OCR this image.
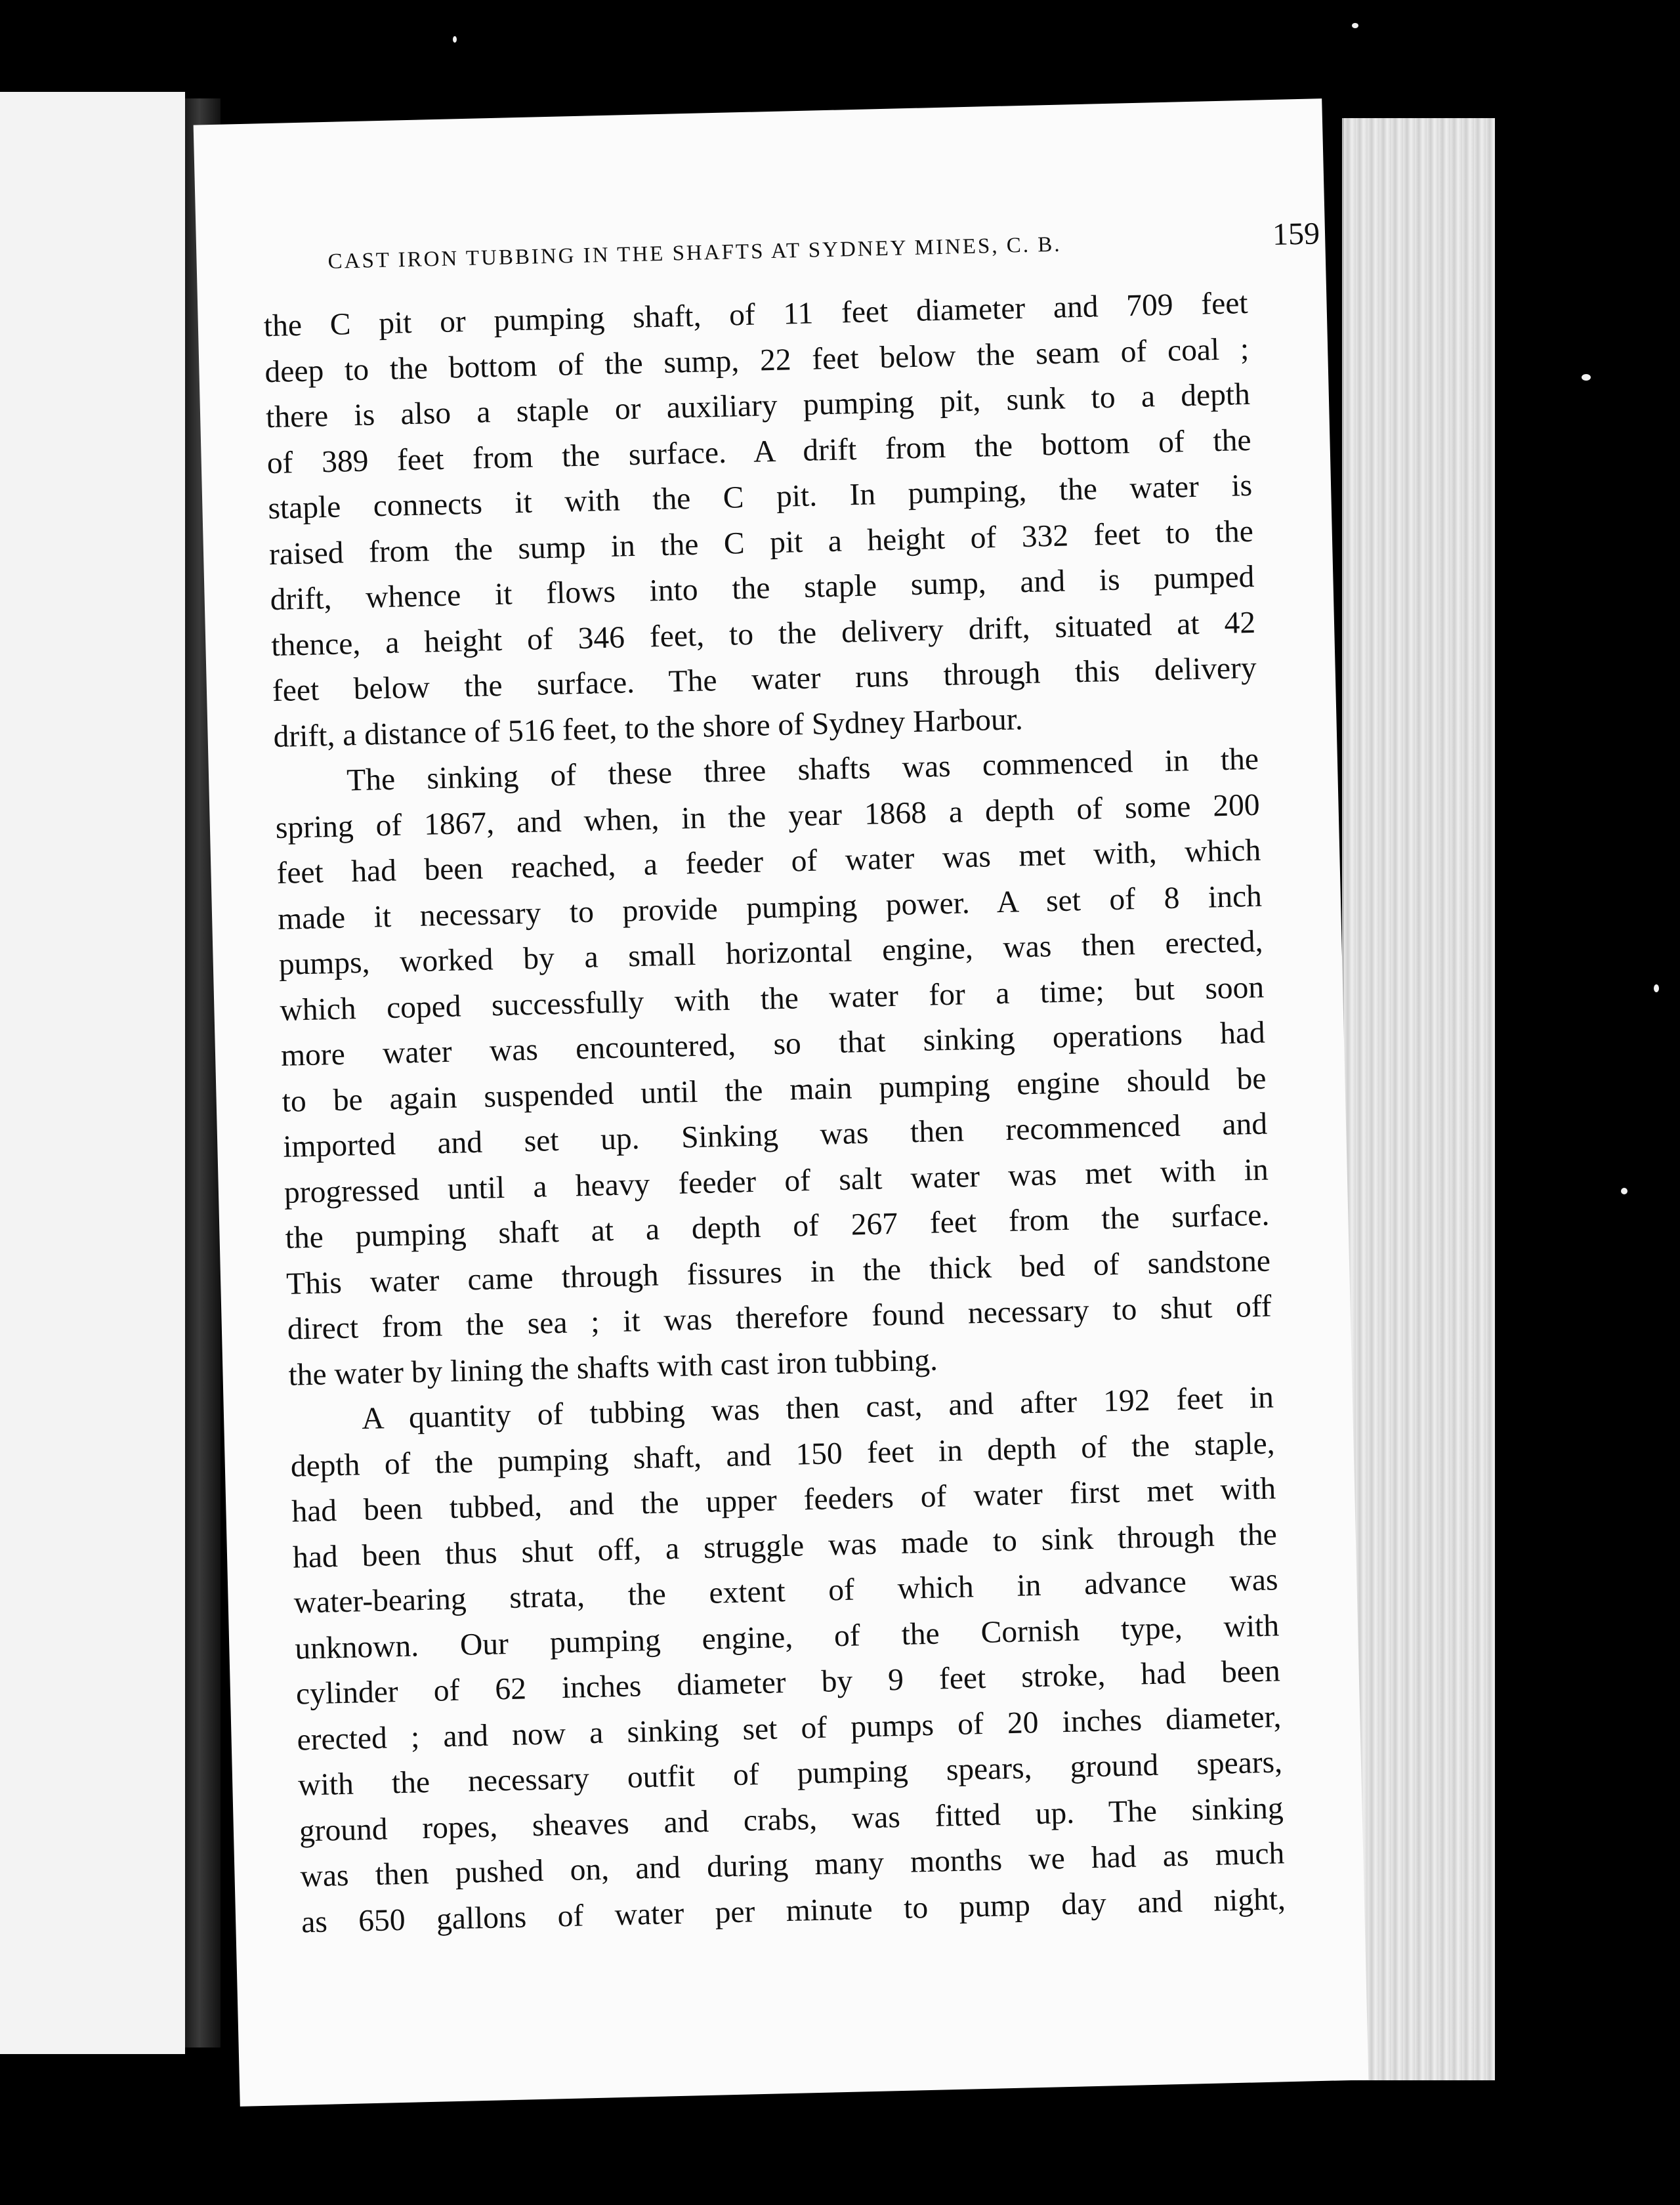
CAST IRON TUBBING IN THE SHAFTS AT SYDNEY MINES, C. B.	159
the C pit or pumping shaft, of 11 feet diameter and 709 feet
deep to the bottom of the sump, 22 feet below the seam of coal ;
there is also a staple or auxiliary pumping pit, sunk to a depth
of 389 feet from the surface. A drift from the bottom of the
staple connects it with the C pit. In pumping, the water is
raised from the sump in the C pit a height of 332 feet to the
drift, whence it flows into the staple sump, and is pumped
thence, a height of 346 feet, to the delivery drift, situated at 42
feet below the surface. The water runs through this delivery
drift, a distance of 516 feet, to the shore of Sydney Harbour.
The sinking of these three shafts was commenced in the
spring of 1867, and when, in the year 1868 a depth of some 200
feet had been reached, a feeder of water was met with, which
made it necessary to provide pumping power. A set of 8 inch
pumps, worked by a small horizontal engine, was then erected,
which coped successfully with the water for a time; but soon
more water was encountered, so that sinking operations had
to be again suspended until the main pumping engine should be
imported and set up. Sinking was then recommenced and
progressed until a heavy feeder of salt water was met with in
the pumping shaft at a depth of 267 feet from the surface.
This water came through fissures in the thick bed of sandstone
direct from the sea ; it was therefore found necessary to shut off
the water by lining the shafts with cast iron tubbing.
A quantity of tubbing was then cast, and after 192 feet in
depth of the pumping shaft, and 150 feet in depth of the staple,
had been tubbed, and the upper feeders of water first met with
had been thus shut off, a struggle was made to sink through the
water-bearing strata, the extent of which in advance was
unknown. Our pumping engine, of the Cornish type, with
cylinder of 62 inches diameter by 9 feet stroke, had been
erected ; and now a sinking set of pumps of 20 inches diameter,
with the necessary outfit of pumping spears, ground spears,
ground ropes, sheaves and crabs, was fitted up. The sinking
was then pushed on, and during many months we had as much
as 650 gallons of water per minute to pump day and night,
